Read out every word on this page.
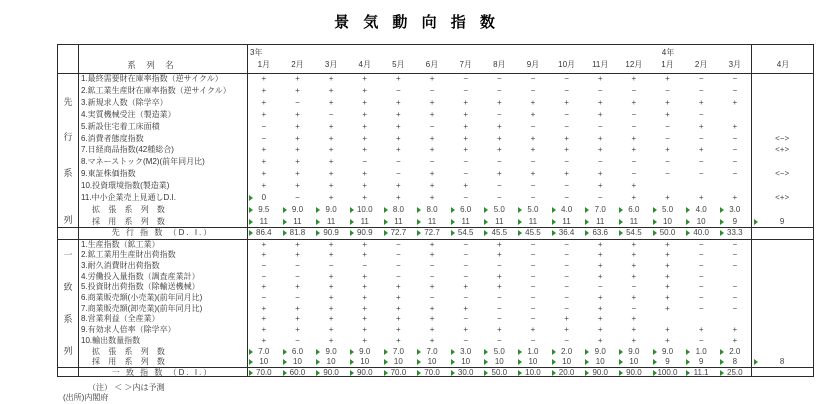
景 気 動 向 指 数
系 列 名
3年	4年
1月	2月	3月	4月	5月	6月	7月	8月	9月	10月	11月	12月	1月	2月	3月	4月
1.最終需要財在庫率指数（逆サイクル）	+	+	+	+	+	+	−	−	−	−	+	+	+	−	−
2.鉱工業生産財在庫率指数（逆サイクル）	+	+	+	+	−	−	−	−	−	−	−	−	−	−	−
3.新規求人数（除学卒）	+	−	+	+	+	+	+	+	+	+	+	+	+	+	+
4.実質機械受注（製造業）	+	+	−	+	+	+	+	−	+	−	+	−	+	−
5.新設住宅着工床面積	−	+	+	+	+	−	+	+	−	−	−	−	−	+	+
6.消費者態度指数	−	+	+	+	+	+	+	+	+	+	+	+	−	−	−	<−>
7.日経商品指数(42種総合)	+	+	+	+	+	+	+	+	+	+	+	+	+	+	−	<+>
8.マネーストック(M2)(前年同月比)	+	+	+	−	−	−	−	−	−	−	−	−	−	−	−
9.東証株価指数	+	+	+	+	−	+	−	+	+	+	+	−	−	−	−	<−>
10.投資環境指数(製造業)	+	+	+	+	+	+	+	−	−	−	+	+
11.中小企業売上見通しD.I.	0	−	+	+	+	+	−	−	−	−	−	+	+	+	+	<+>
拡 張 系 列 数	9.5	9.0	9.0	10.0	8.0	8.0	6.0	5.0	5.0	4.0	7.0	6.0	5.0	4.0	3.0
採 用 系 列 数	11	11	11	11	11	11	11	11	11	11	11	11	10	10	9	9
先 行 指 数 （D. I.）	86.4	81.8	90.9	90.9	72.7	72.7	54.5	45.5	45.5	36.4	63.6	54.5	50.0	40.0	33.3
1.生産指数（鉱工業）	+	+	+	+	−	+	−	+	−	−	+	+	+	−	−
2.鉱工業用生産財出荷指数	+	+	+	+	−	+	−	+	−	−	+	+	+	−	−
3.耐久消費財出荷指数	−	−	−	−	−	−	−	−	−	−	+	+	+	−	−
4.労働投入量指数（調査産業計）	−	−	+	+	−	−	−	+	−	−	+	+	+	−
5.投資財出荷指数（除輸送機械）	+	+	+	+	+	+	+	+	−	−	−	−	+	−	−
6.商業販売額(小売業)(前年同月比)	−	−	+	+	+	−	−	−	−	−	+	+	+	−	−
7.商業販売額(卸売業)(前年同月比)	+	+	+	+	+	+	+	−	−	−	+	−	+	−	−
8.営業利益（全産業）	+	+	+	+	+	+	−	−	−	+	+	+
9.有効求人倍率（除学卒）	+	+	+	+	+	+	+	+	+	+	+	+	+	+	+
10.輸出数量指数	+	−	+	+	+	+	−	−	−	−	+	+	+	−	+
拡 張 系 列 数	7.0	6.0	9.0	9.0	7.0	7.0	3.0	5.0	1.0	2.0	9.0	9.0	9.0	1.0	2.0
採 用 系 列 数	10	10	10	10	10	10	10	10	10	10	10	10	9	9	8	8
一 致 指 数 （D. I.）	70.0	60.0	90.0	90.0	70.0	70.0	30.0	50.0	10.0	20.0	90.0	90.0	100.0	11.1	25.0
先
行
系
列
一
致
系
列
（注） ＜ ＞内は予測
(出所)内閣府
